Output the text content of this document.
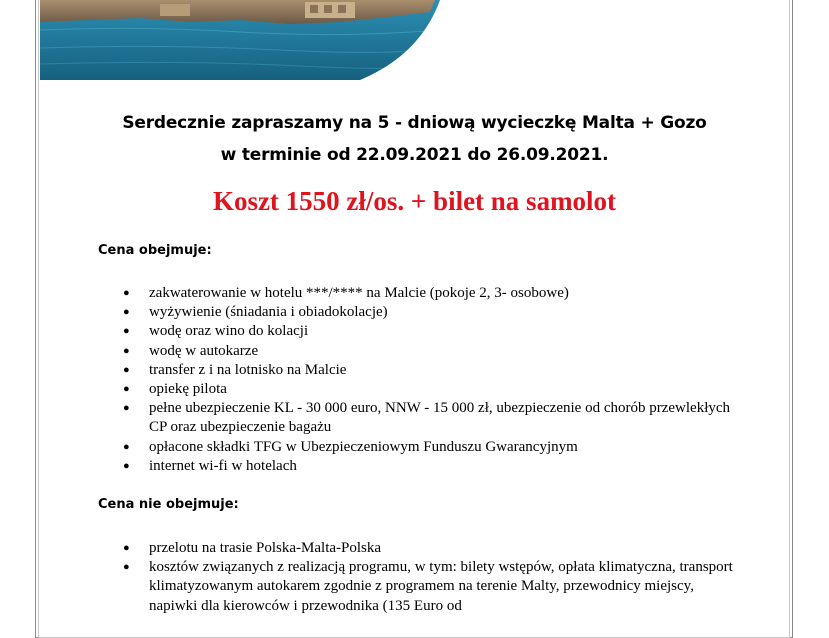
Serdecznie zapraszamy na 5 - dniową wycieczkę Malta + Gozo
w terminie od 22.09.2021 do 26.09.2021.
Koszt 1550 zł/os. + bilet na samolot
Cena obejmuje:
● zakwaterowanie w hotelu ***/**** na Malcie (pokoje 2, 3- osobowe)
● wyżywienie (śniadania i obiadokolacje)
● wodę oraz wino do kolacji
● wodę w autokarze
● transfer z i na lotnisko na Malcie
● opiekę pilota
● pełne ubezpieczenie KL - 30 000 euro, NNW - 15 000 zł, ubezpieczenie od chorób przewlekłych CP oraz ubezpieczenie bagażu
● opłacone składki TFG w Ubezpieczeniowym Funduszu Gwarancyjnym
● internet wi-fi w hotelach
Cena nie obejmuje:
● przelotu na trasie Polska-Malta-Polska
● kosztów związanych z realizacją programu, w tym: bilety wstępów, opłata klimatyczna, transport klimatyzowanym autokarem zgodnie z programem na terenie Malty, przewodnicy miejscy, napiwki dla kierowców i przewodnika (135 Euro od
